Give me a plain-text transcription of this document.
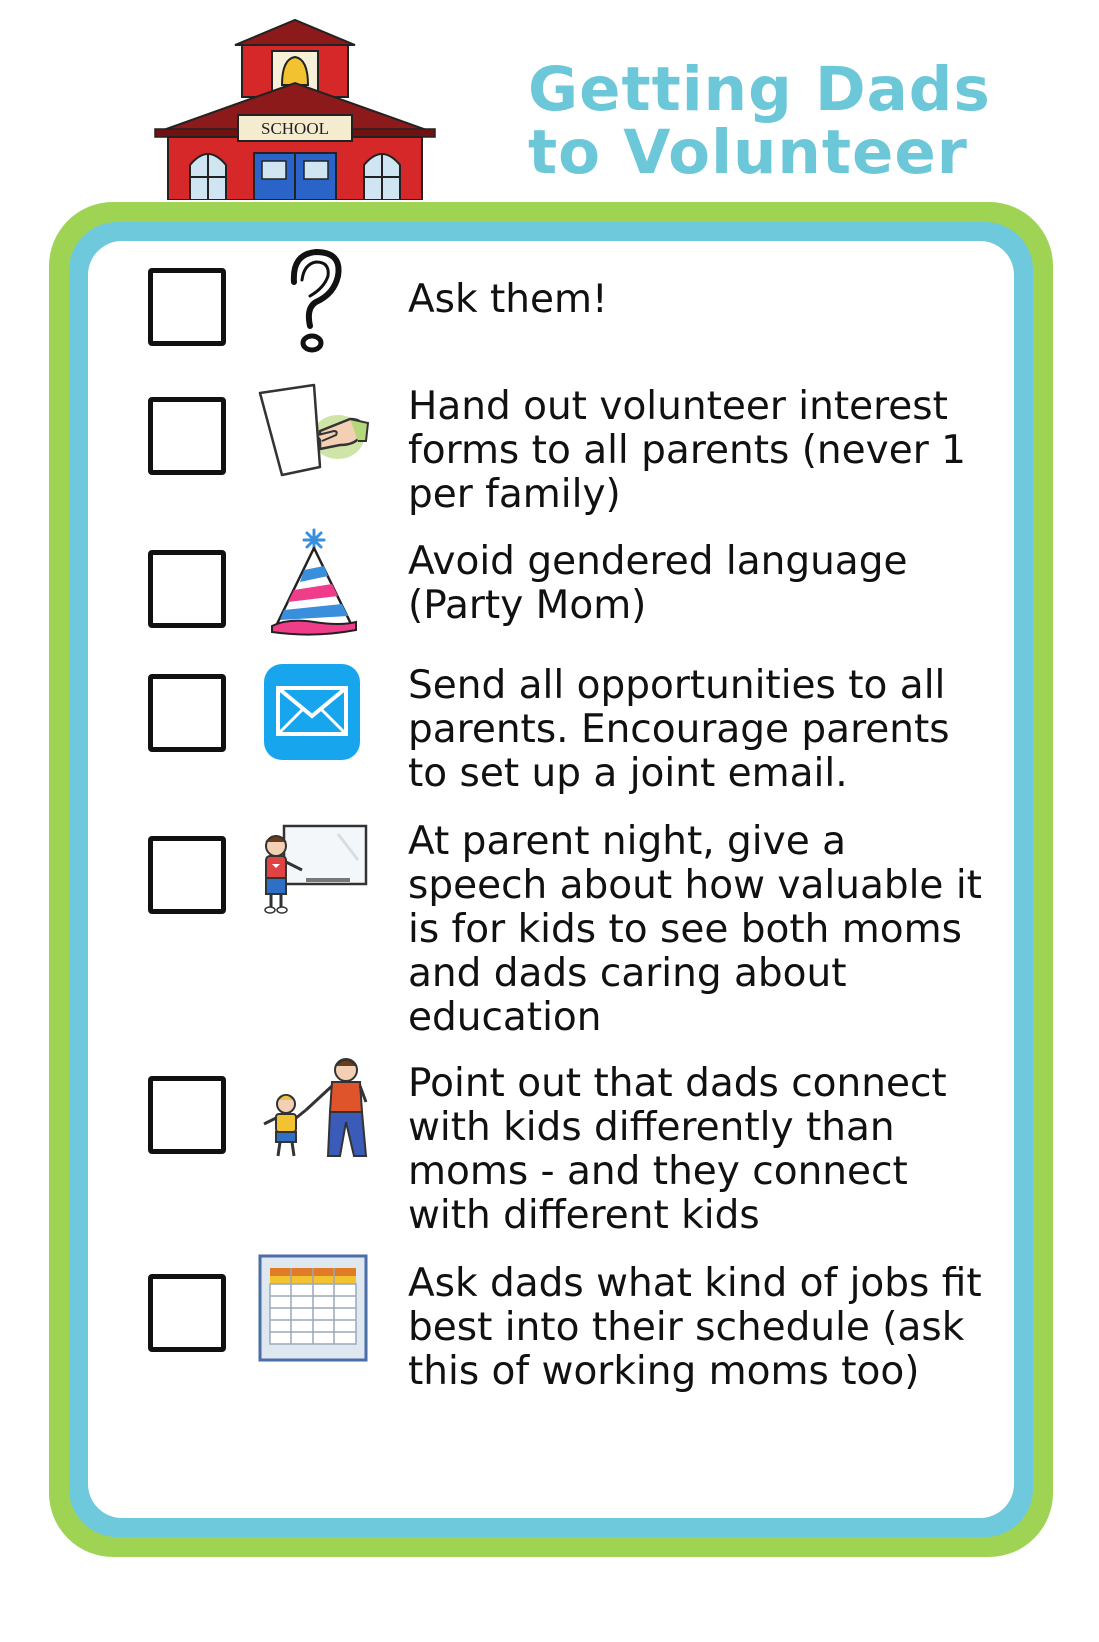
SCHOOL
Getting Dads
to Volunteer

Ask them!

Hand out volunteer interest
forms to all parents (never 1
per family)

Avoid gendered language
(Party Mom)

Send all opportunities to all
parents. Encourage parents
to set up a joint email.

At parent night, give a
speech about how valuable it
is for kids to see both moms
and dads caring about
education

Point out that dads connect
with kids differently than
moms - and they connect
with different kids

Ask dads what kind of jobs fit
best into their schedule (ask
this of working moms too)
